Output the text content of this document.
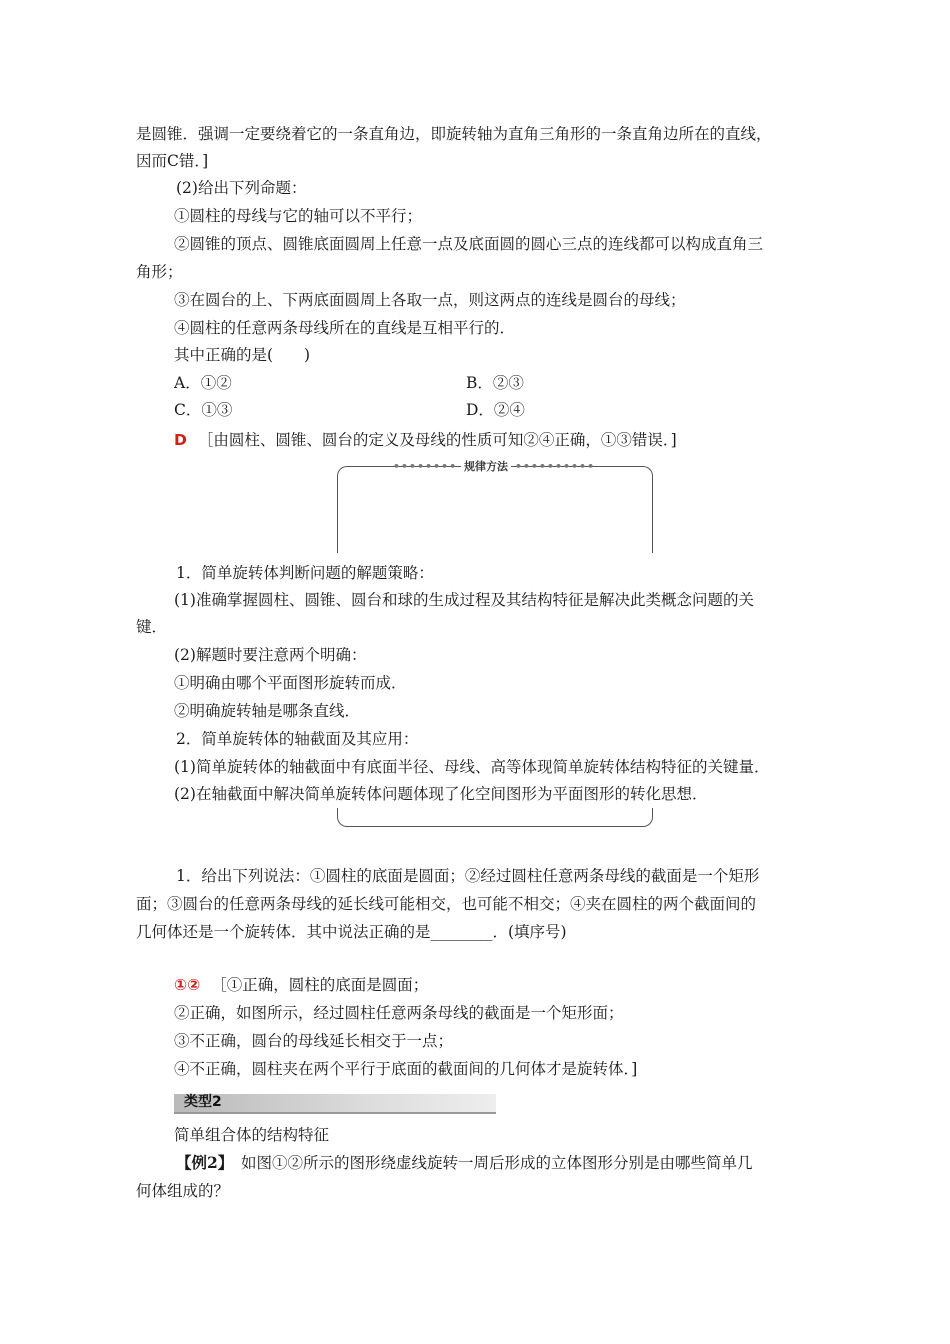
是圆锥．强调一定要绕着它的一条直角边，即旋转轴为直角三角形的一条直角边所在的直线，
因而C错．]
(2)给出下列命题：
①圆柱的母线与它的轴可以不平行；
②圆锥的顶点、圆锥底面圆周上任意一点及底面圆的圆心三点的连线都可以构成直角三
角形；
③在圆台的上、下两底面圆周上各取一点，则这两点的连线是圆台的母线；
④圆柱的任意两条母线所在的直线是互相平行的．
其中正确的是(　　)
A．①②	B．②③
C．①③	D．②④
D ［由圆柱、圆锥、圆台的定义及母线的性质可知②④正确，①③错误．]
•••••••• 规律方法 ••••••••••
1．简单旋转体判断问题的解题策略：
(1)准确掌握圆柱、圆锥、圆台和球的生成过程及其结构特征是解决此类概念问题的关
键．
(2)解题时要注意两个明确：
①明确由哪个平面图形旋转而成．
②明确旋转轴是哪条直线．
2．简单旋转体的轴截面及其应用：
(1)简单旋转体的轴截面中有底面半径、母线、高等体现简单旋转体结构特征的关键量．
(2)在轴截面中解决简单旋转体问题体现了化空间图形为平面图形的转化思想．
1．给出下列说法：①圆柱的底面是圆面；②经过圆柱任意两条母线的截面是一个矩形
面；③圆台的任意两条母线的延长线可能相交，也可能不相交；④夹在圆柱的两个截面间的
几何体还是一个旋转体．其中说法正确的是________．(填序号)
①② ［①正确，圆柱的底面是圆面；
②正确，如图所示，经过圆柱任意两条母线的截面是一个矩形面；
③不正确，圆台的母线延长相交于一点；
④不正确，圆柱夹在两个平行于底面的截面间的几何体才是旋转体．]
类型2
简单组合体的结构特征
【例2】　如图①②所示的图形绕虚线旋转一周后形成的立体图形分别是由哪些简单几
何体组成的？
